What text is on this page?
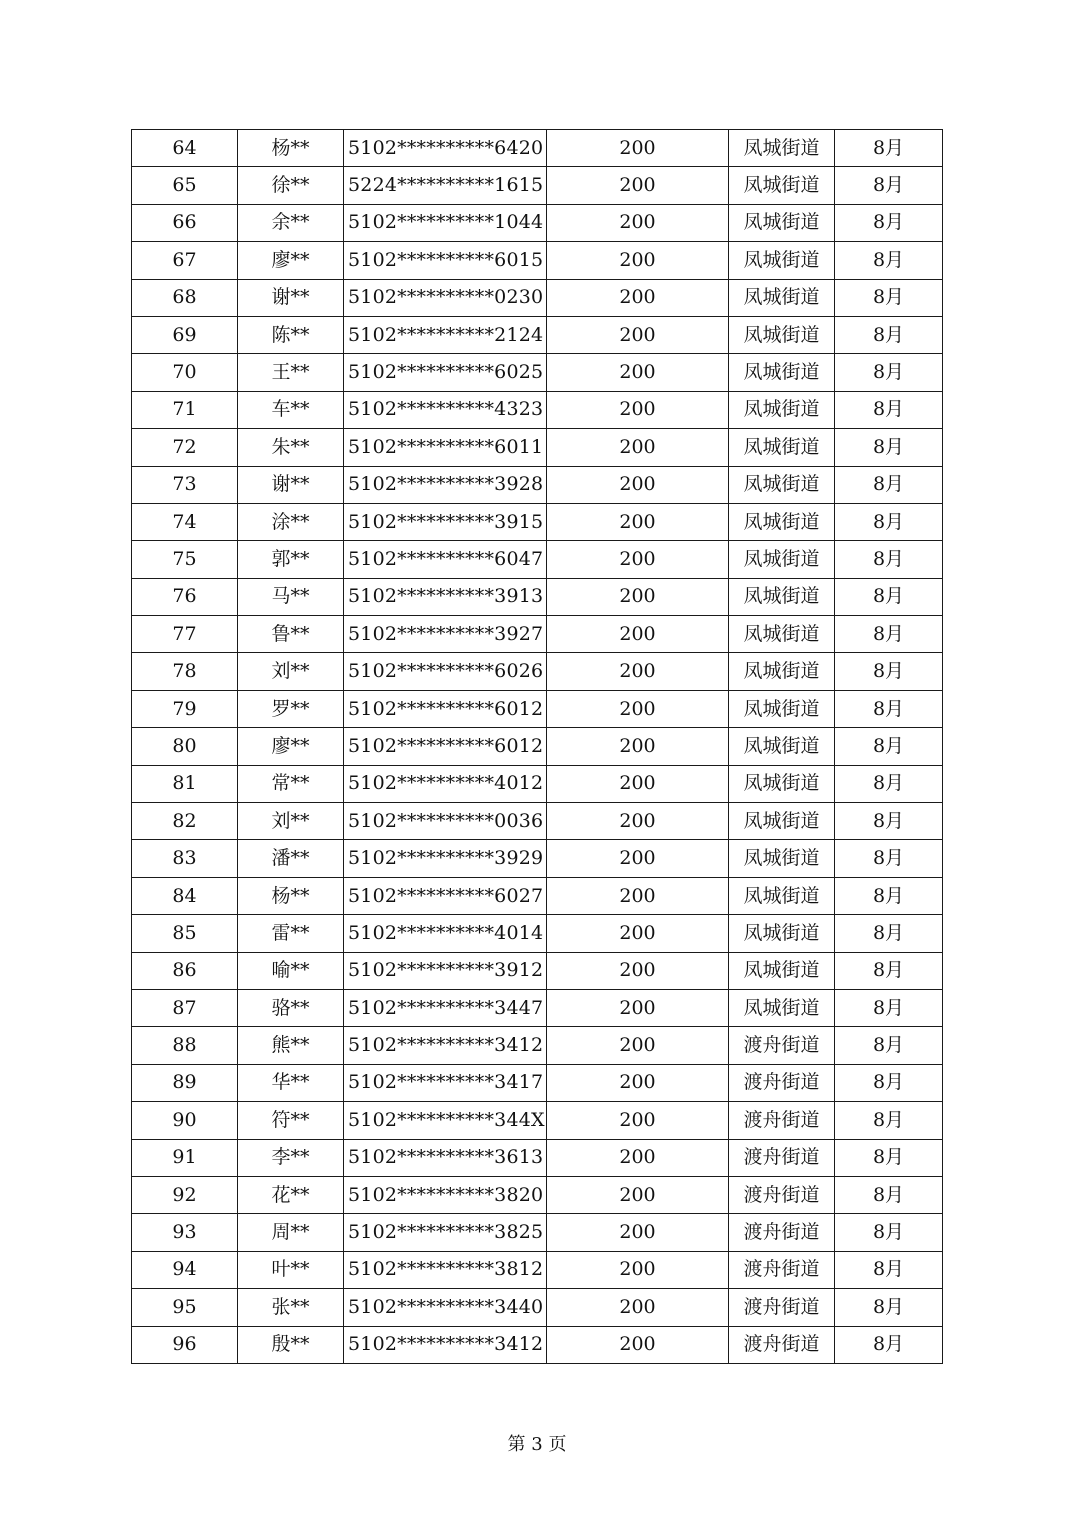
64	杨**	5102**********6420	200	凤城街道	8月
65	徐**	5224**********1615	200	凤城街道	8月
66	余**	5102**********1044	200	凤城街道	8月
67	廖**	5102**********6015	200	凤城街道	8月
68	谢**	5102**********0230	200	凤城街道	8月
69	陈**	5102**********2124	200	凤城街道	8月
70	王**	5102**********6025	200	凤城街道	8月
71	车**	5102**********4323	200	凤城街道	8月
72	朱**	5102**********6011	200	凤城街道	8月
73	谢**	5102**********3928	200	凤城街道	8月
74	涂**	5102**********3915	200	凤城街道	8月
75	郭**	5102**********6047	200	凤城街道	8月
76	马**	5102**********3913	200	凤城街道	8月
77	鲁**	5102**********3927	200	凤城街道	8月
78	刘**	5102**********6026	200	凤城街道	8月
79	罗**	5102**********6012	200	凤城街道	8月
80	廖**	5102**********6012	200	凤城街道	8月
81	常**	5102**********4012	200	凤城街道	8月
82	刘**	5102**********0036	200	凤城街道	8月
83	潘**	5102**********3929	200	凤城街道	8月
84	杨**	5102**********6027	200	凤城街道	8月
85	雷**	5102**********4014	200	凤城街道	8月
86	喻**	5102**********3912	200	凤城街道	8月
87	骆**	5102**********3447	200	凤城街道	8月
88	熊**	5102**********3412	200	渡舟街道	8月
89	华**	5102**********3417	200	渡舟街道	8月
90	符**	5102**********344X	200	渡舟街道	8月
91	李**	5102**********3613	200	渡舟街道	8月
92	花**	5102**********3820	200	渡舟街道	8月
93	周**	5102**********3825	200	渡舟街道	8月
94	叶**	5102**********3812	200	渡舟街道	8月
95	张**	5102**********3440	200	渡舟街道	8月
96	殷**	5102**********3412	200	渡舟街道	8月
第 3 页
